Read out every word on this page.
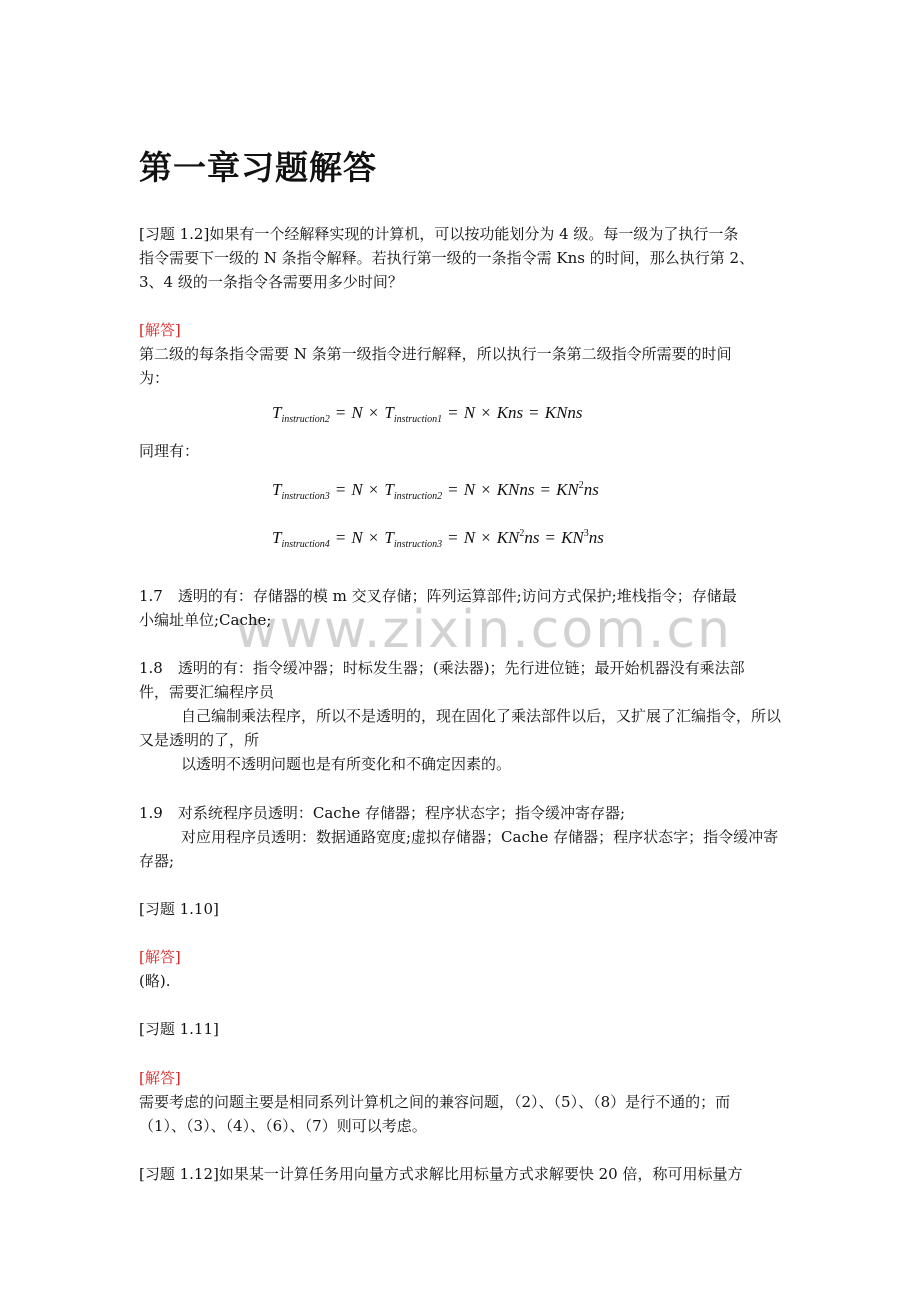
第一章习题解答

[习题 1.2]如果有一个经解释实现的计算机，可以按功能划分为 4 级。每一级为了执行一条

指令需要下一级的 N 条指令解释。若执行第一级的一条指令需 Kns 的时间，那么执行第 2、

3、4 级的一条指令各需要用多少时间？

[解答]

第二级的每条指令需要 N 条第一级指令进行解释，所以执行一条第二级指令所需要的时间

为：

$T_{instruction2} = N \times T_{instruction1} = N$ × Kns = KNns

同理有：

$T_{instruction3} = N \times T_{instruction2} = N$ × KNns = $KN^2ns$
$T_{instruction4} = N \times T_{instruction3} = N \times KN^2ns = KN^3ns$
www.zixin.com.cn

1.7　透明的有：存储器的模 m 交叉存储；阵列运算部件;访问方式保护;堆栈指令；存储最

小编址单位;Cache;

1.8　透明的有：指令缓冲器；时标发生器；(乘法器)；先行进位链；最开始机器没有乘法部

件，需要汇编程序员

自己编制乘法程序，所以不是透明的，现在固化了乘法部件以后，又扩展了汇编指令，所以又是透明的了，所

以透明不透明问题也是有所变化和不确定因素的。

1.9　对系统程序员透明：Cache 存储器；程序状态字；指令缓冲寄存器;

对应用程序员透明：数据通路宽度;虚拟存储器；Cache 存储器；程序状态字；指令缓冲寄存器;

[习题 1.10]

[解答]

(略).

[习题 1.11]

[解答]

需要考虑的问题主要是相同系列计算机之间的兼容问题，（2）、（5）、（8）是行不通的；而

（1）、（3）、（4）、（6）、（7）则可以考虑。

[习题 1.12]如果某一计算任务用向量方式求解比用标量方式求解要快 20 倍，称可用标量方
